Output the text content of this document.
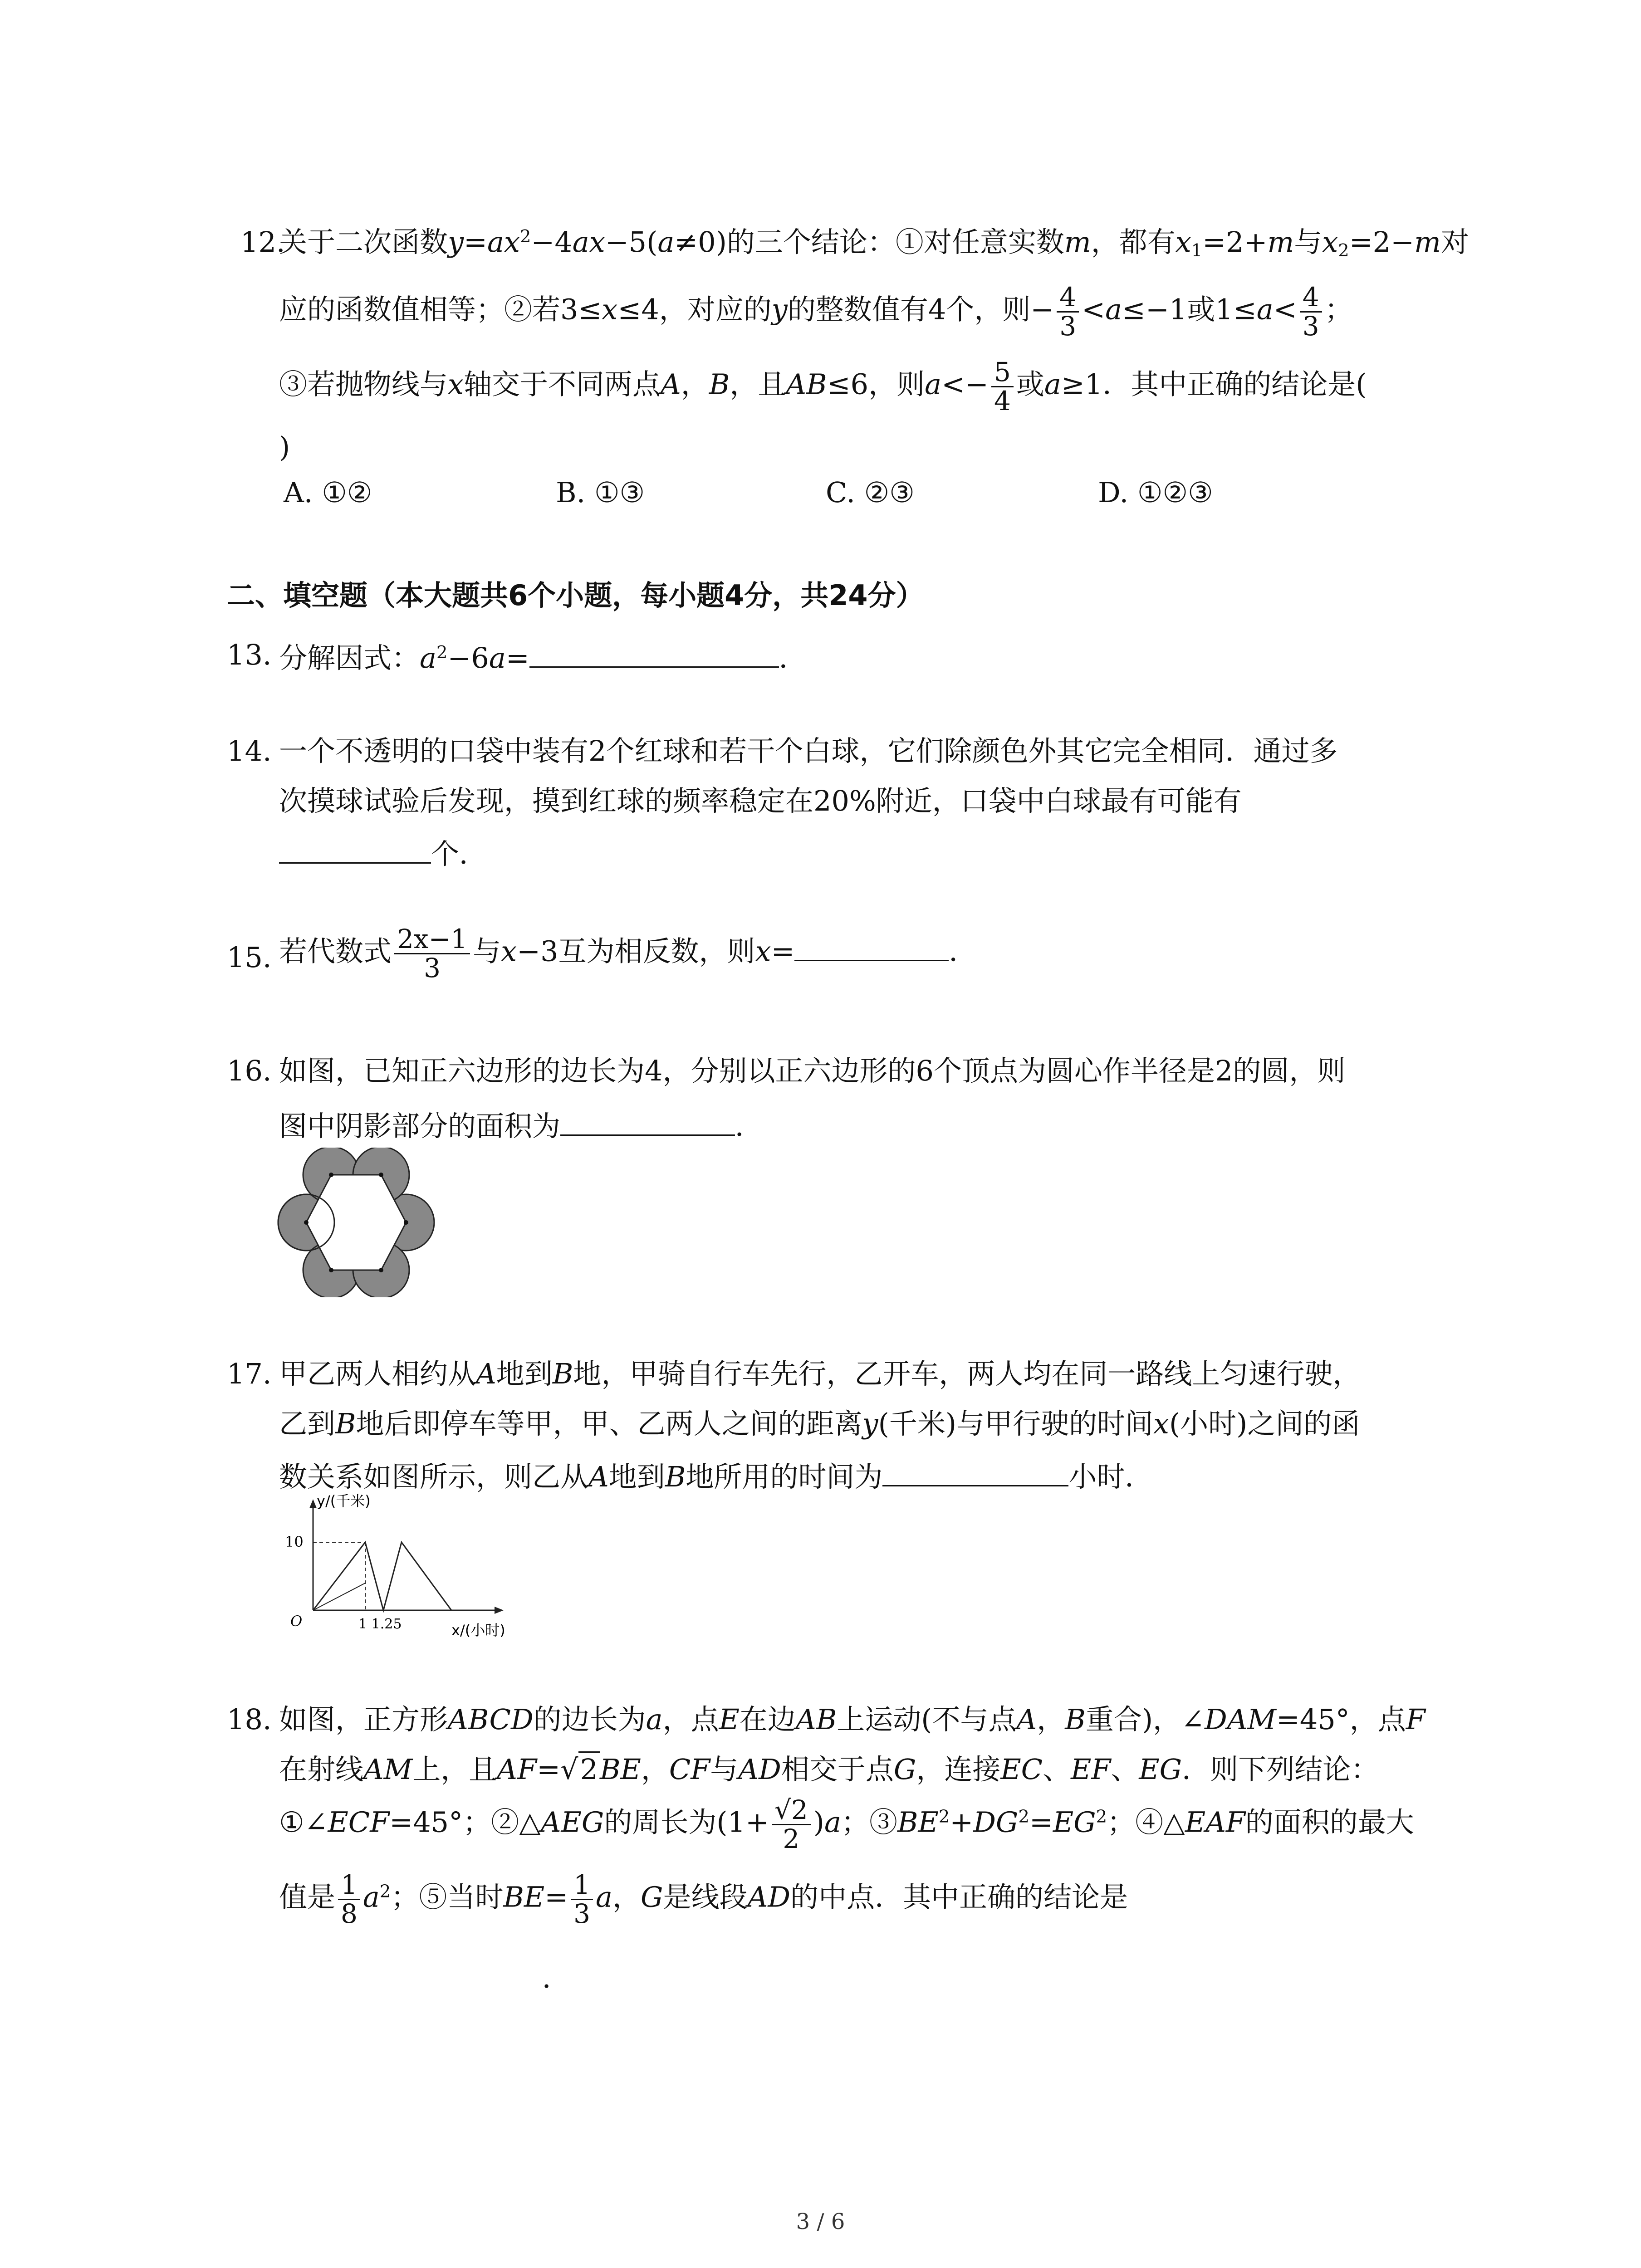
12.
关于二次函数$y=ax^2-4ax-5(a\ne 0)$的三个结论：①对任意实数m，都有$x_1=2+m$与$x_2=2-m$对
应的函数值相等；②若3≤x≤4，对应的y的整数值有4个，则− $\frac{4}{3} <a\le-1$或$1\le a< \frac{4}{3}$ ；
③若抛物线与x轴交于不同两点A，B，且AB≤6，则$a<- \frac{5}{4}$ 或a≥1．其中正确的结论是(
)
A. ①②	B. ①③	C. ②③	D. ①②③
二、填空题（本大题共6个小题，每小题4分，共24分）
13. 分解因式：$a^2-6a=$	．
14. 一个不透明的口袋中装有2个红球和若干个白球，它们除颜色外其它完全相同．通过多
次摸球试验后发现，摸到红球的频率稳定在20%附近，口袋中白球最有可能有
个．
15. 若代数式 $\frac{2x-1}{3}$ 与x−3互为相反数，则x=	．
16. 如图，已知正六边形的边长为4，分别以正六边形的6个顶点为圆心作半径是2的圆，则
图中阴影部分的面积为	．
17. 甲乙两人相约从A地到B地，甲骑自行车先行，乙开车，两人均在同一路线上匀速行驶，
乙到B地后即停车等甲，甲、乙两人之间的距离y(千米)与甲行驶的时间x(小时)之间的函
数关系如图所示，则乙从A地到B地所用的时间为	小时．
y/(千米)
10
O	1 1.25	x/(小时)
18. 如图，正方形ABCD的边长为a，点E在边AB上运动(不与点A，B重合)，∠DAM=45°，点F
在射线AM上，且AF=√2BE，CF与AD相交于点G，连接EC、EF、EG．则下列结论：
①∠ECF=45°；②△AEG的周长为$(1+ \frac{√2}{2} )a$；$③BE^2+DG^2=EG^2$；④△EAF的面积的最大
值是 $\frac{1}{8} a^2$；⑤当时$BE= \frac{1}{3}$ a，G是线段AD的中点．其中正确的结论是
．
3 / 6
